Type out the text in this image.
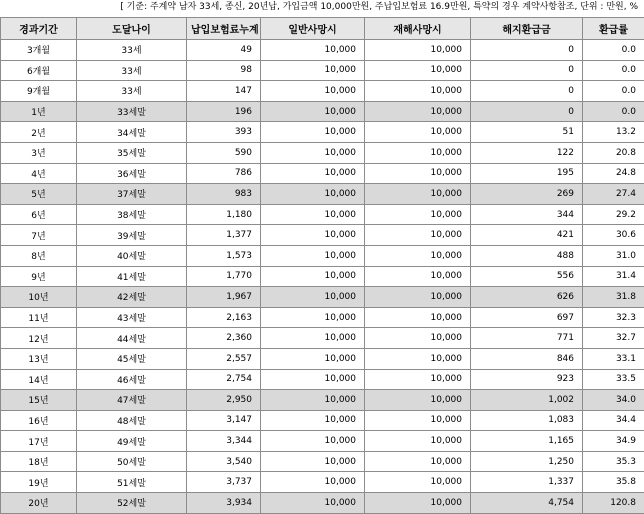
[ 기준: 주계약 남자 33세, 종신, 20년납, 가입금액 10,000만원, 주납입보험료 16.9만원, 특약의 경우 계약사항참조, 단위 : 만원, %
경과기간	도달나이	납입보험료누계	일반사망시	재해사망시	해지환급금	환급률
3개월	33세	49	10,000	10,000	0	0.0
6개월	33세	98	10,000	10,000	0	0.0
9개월	33세	147	10,000	10,000	0	0.0
1년	33세말	196	10,000	10,000	0	0.0
2년	34세말	393	10,000	10,000	51	13.2
3년	35세말	590	10,000	10,000	122	20.8
4년	36세말	786	10,000	10,000	195	24.8
5년	37세말	983	10,000	10,000	269	27.4
6년	38세말	1,180	10,000	10,000	344	29.2
7년	39세말	1,377	10,000	10,000	421	30.6
8년	40세말	1,573	10,000	10,000	488	31.0
9년	41세말	1,770	10,000	10,000	556	31.4
10년	42세말	1,967	10,000	10,000	626	31.8
11년	43세말	2,163	10,000	10,000	697	32.3
12년	44세말	2,360	10,000	10,000	771	32.7
13년	45세말	2,557	10,000	10,000	846	33.1
14년	46세말	2,754	10,000	10,000	923	33.5
15년	47세말	2,950	10,000	10,000	1,002	34.0
16년	48세말	3,147	10,000	10,000	1,083	34.4
17년	49세말	3,344	10,000	10,000	1,165	34.9
18년	50세말	3,540	10,000	10,000	1,250	35.3
19년	51세말	3,737	10,000	10,000	1,337	35.8
20년	52세말	3,934	10,000	10,000	4,754	120.8
